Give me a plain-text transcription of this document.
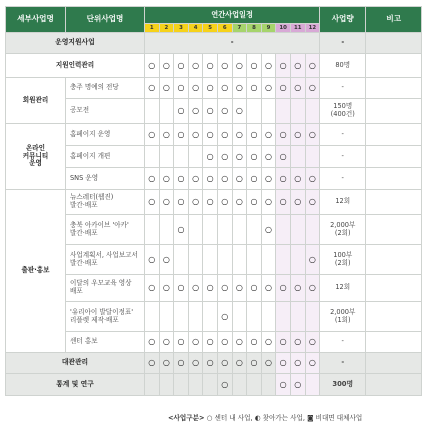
세부사업명	단위사업명	연간사업일정												사업량	비고
		1	2	3	4	5	6	7	8	9	10	11	12		
운영지원사업		-												-	
지원인력관리		○	○	○	○	○	○	○	○	○	○	○	○	80명	
회원관리	충주 명예의 전당	○	○	○	○	○	○	○	○	○	○	○	○	-	
	공모전			○	○	○	○	○						150명
(400건)	
온라인
커뮤니티
운영	홈페이지 운영	○	○	○	○	○	○	○	○	○	○	○	○	-	
	홈페이지 개편					○	○	○	○	○	○			-	
	SNS 운영	○	○	○	○	○	○	○	○	○	○	○	○	-	
출판·홍보	뉴스레터(웹진)
발간·배포	○	○	○	○	○	○	○	○	○	○	○	○	12회	
	충북 아카이브 '아카'
발간·배포			○						○				2,000부
(2회)	
	사업계획서, 사업보고서
발간·배포	○	○										○	100부
(2회)	
	이달의 우모교육 영상
배포	○	○	○	○	○	○	○	○	○	○	○	○	12회	
	'유리아이 발달이정표'
리플렛 제작·배포						○							2,000부
(1회)	
	센터 홍보	○	○	○	○	○	○	○	○	○	○	○	○	-	
대관관리		○	○	○	○	○	○	○	○	○	○	○	○	-	
통계 및 연구							○				○	○		300명	
<사업구분> ○ 센터 내 사업, ◐ 찾아가는 사업, ◙ 비대면 대체사업
